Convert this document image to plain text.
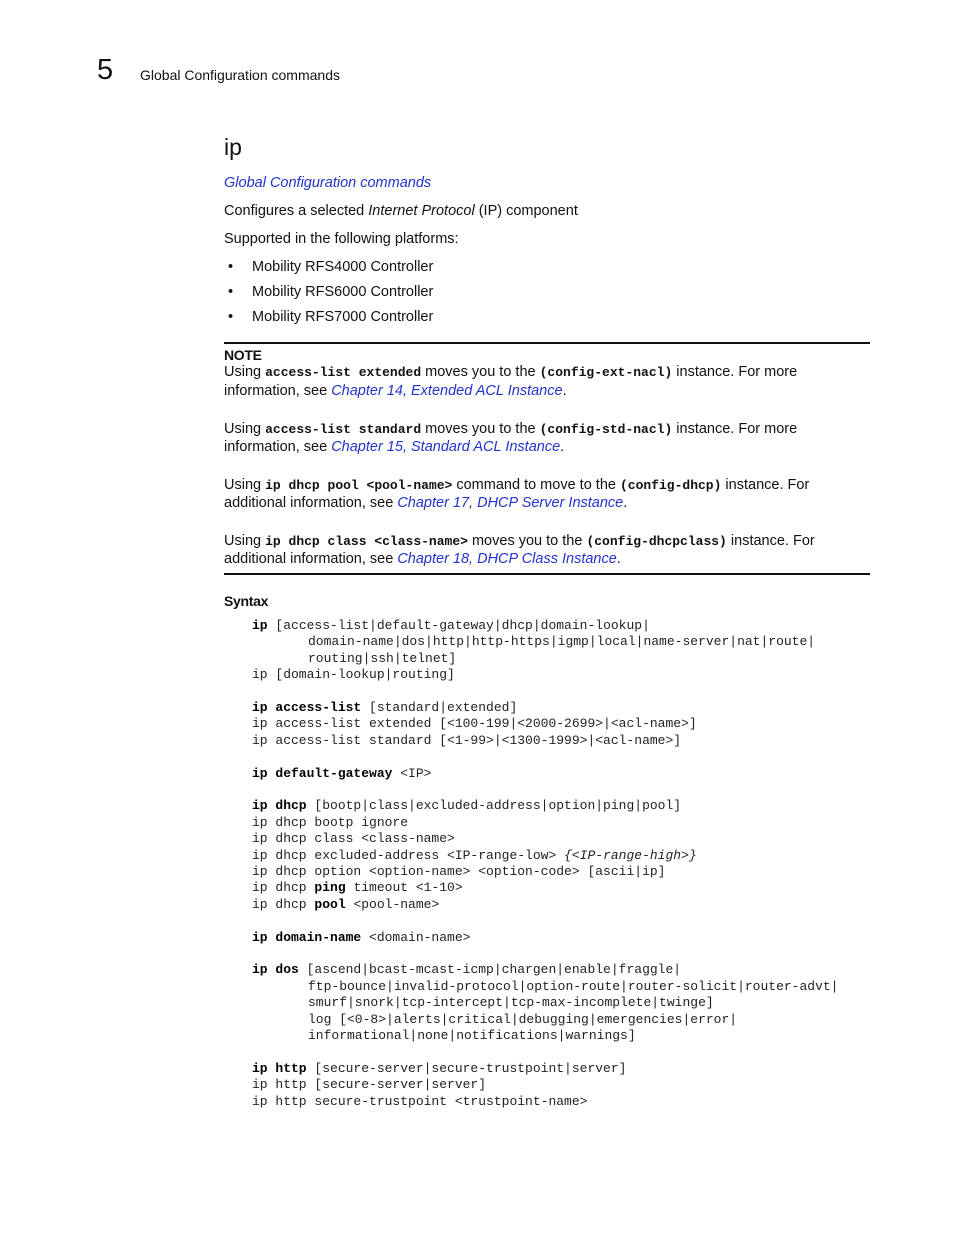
5 Global Configuration commands
ip
Global Configuration commands
Configures a selected Internet Protocol (IP) component
Supported in the following platforms:
• Mobility RFS4000 Controller
• Mobility RFS6000 Controller
• Mobility RFS7000 Controller
NOTE
Using access-list extended moves you to the (config-ext-nacl) instance. For more
information, see Chapter 14, Extended ACL Instance.
Using access-list standard moves you to the (config-std-nacl) instance. For more
information, see Chapter 15, Standard ACL Instance.
Using ip dhcp pool <pool-name> command to move to the (config-dhcp) instance. For
additional information, see Chapter 17, DHCP Server Instance.
Using ip dhcp class <class-name> moves you to the (config-dhcpclass) instance. For
additional information, see Chapter 18, DHCP Class Instance.
Syntax
ip [access-list|default-gateway|dhcp|domain-lookup|
domain-name|dos|http|http-https|igmp|local|name-server|nat|route|
routing|ssh|telnet]
ip [domain-lookup|routing]
ip access-list [standard|extended]
ip access-list extended [<100-199|<2000-2699>|<acl-name>]
ip access-list standard [<1-99>|<1300-1999>|<acl-name>]
ip default-gateway <IP>
ip dhcp [bootp|class|excluded-address|option|ping|pool]
ip dhcp bootp ignore
ip dhcp class <class-name>
ip dhcp excluded-address <IP-range-low> {<IP-range-high>}
ip dhcp option <option-name> <option-code> [ascii|ip]
ip dhcp ping timeout <1-10>
ip dhcp pool <pool-name>
ip domain-name <domain-name>
ip dos [ascend|bcast-mcast-icmp|chargen|enable|fraggle|
ftp-bounce|invalid-protocol|option-route|router-solicit|router-advt|
smurf|snork|tcp-intercept|tcp-max-incomplete|twinge]
log [<0-8>|alerts|critical|debugging|emergencies|error|
informational|none|notifications|warnings]
ip http [secure-server|secure-trustpoint|server]
ip http [secure-server|server]
ip http secure-trustpoint <trustpoint-name>
